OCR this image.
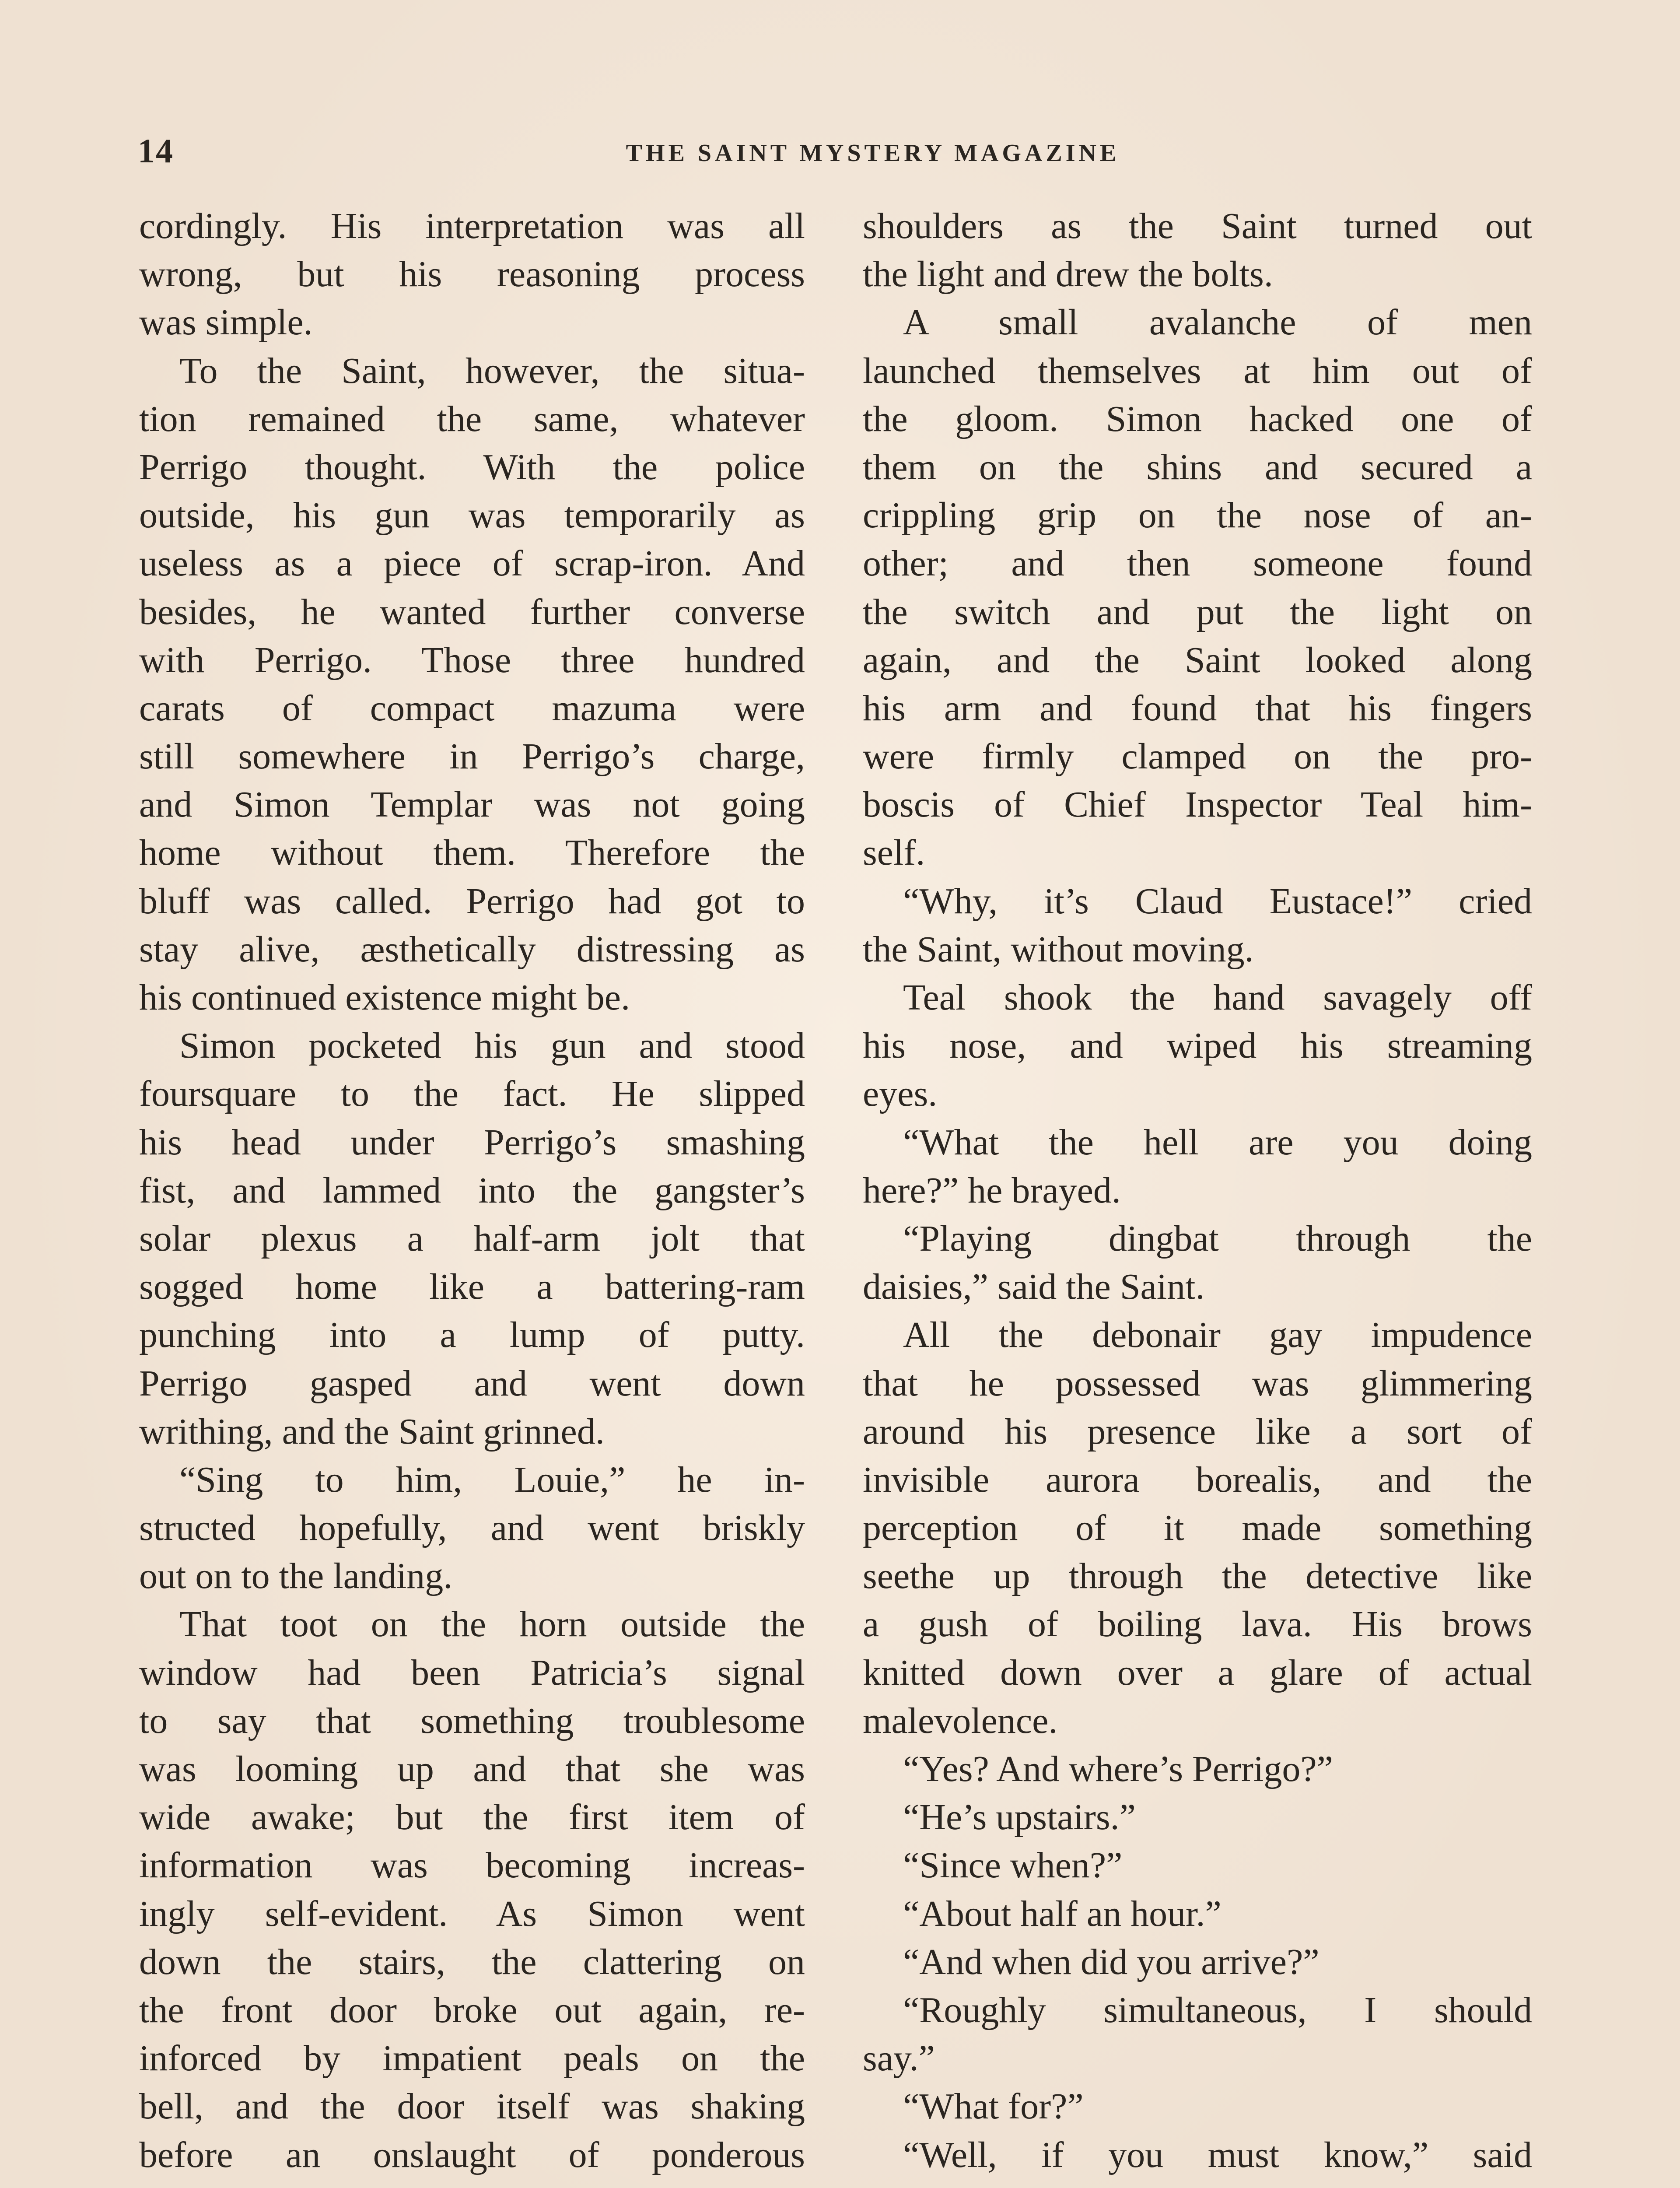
14	THE SAINT MYSTERY MAGAZINE
cordingly. His interpretation was all
wrong, but his reasoning process
was simple.
To the Saint, however, the situa-
tion remained the same, whatever
Perrigo thought. With the police
outside, his gun was temporarily as
useless as a piece of scrap-iron. And
besides, he wanted further converse
with Perrigo. Those three hundred
carats of compact mazuma were
still somewhere in Perrigo’s charge,
and Simon Templar was not going
home without them. Therefore the
bluff was called. Perrigo had got to
stay alive, æsthetically distressing as
his continued existence might be.
Simon pocketed his gun and stood
foursquare to the fact. He slipped
his head under Perrigo’s smashing
fist, and lammed into the gangster’s
solar plexus a half-arm jolt that
sogged home like a battering-ram
punching into a lump of putty.
Perrigo gasped and went down
writhing, and the Saint grinned.
“Sing to him, Louie,” he in-
structed hopefully, and went briskly
out on to the landing.
That toot on the horn outside the
window had been Patricia’s signal
to say that something troublesome
was looming up and that she was
wide awake; but the first item of
information was becoming increas-
ingly self-evident. As Simon went
down the stairs, the clattering on
the front door broke out again, re-
inforced by impatient peals on the
bell, and the door itself was shaking
before an onslaught of ponderous
shoulders as the Saint turned out
the light and drew the bolts.
A small avalanche of men
launched themselves at him out of
the gloom. Simon hacked one of
them on the shins and secured a
crippling grip on the nose of an-
other; and then someone found
the switch and put the light on
again, and the Saint looked along
his arm and found that his fingers
were firmly clamped on the pro-
boscis of Chief Inspector Teal him-
self.
“Why, it’s Claud Eustace!” cried
the Saint, without moving.
Teal shook the hand savagely off
his nose, and wiped his streaming
eyes.
“What the hell are you doing
here?” he brayed.
“Playing dingbat through the
daisies,” said the Saint.
All the debonair gay impudence
that he possessed was glimmering
around his presence like a sort of
invisible aurora borealis, and the
perception of it made something
seethe up through the detective like
a gush of boiling lava. His brows
knitted down over a glare of actual
malevolence.
“Yes? And where’s Perrigo?”
“He’s upstairs.”
“Since when?”
“About half an hour.”
“And when did you arrive?”
“Roughly simultaneous, I should
say.”
“What for?”
“Well, if you must know,” said
